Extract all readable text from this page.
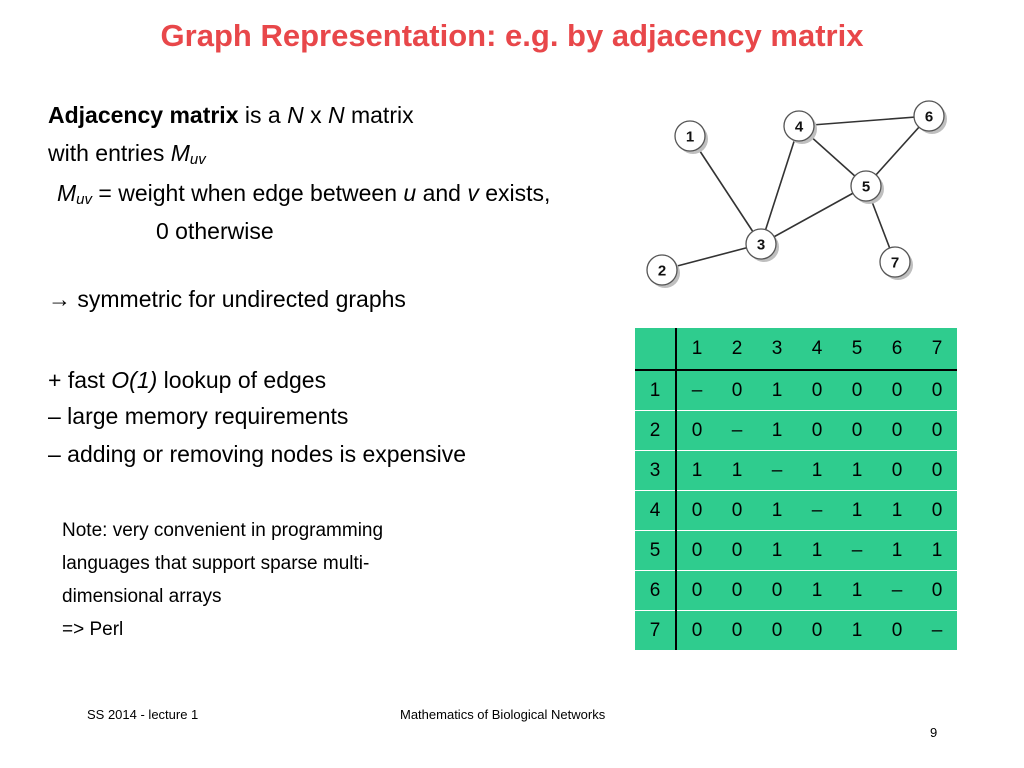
Graph Representation: e.g. by adjacency matrix
Adjacency matrix is a N x N matrix
with entries $M_{uv}$
$M_{uv}$ = weight when edge between u and v exists,
0 otherwise
→ symmetric for undirected graphs
+ fast O(1) lookup of edges
– large memory requirements
– adding or removing nodes is expensive
Note: very convenient in programming
languages that support sparse multi-
dimensional arrays
=> Perl
1
2
3
4
5
6
7
	1	2	3	4	5	6	7
1	–	0	1	0	0	0	0
2	0	–	1	0	0	0	0
3	1	1	–	1	1	0	0
4	0	0	1	–	1	1	0
5	0	0	1	1	–	1	1
6	0	0	0	1	1	–	0
7	0	0	0	0	1	0	–
SS 2014 - lecture 1	Mathematics of Biological Networks
9
